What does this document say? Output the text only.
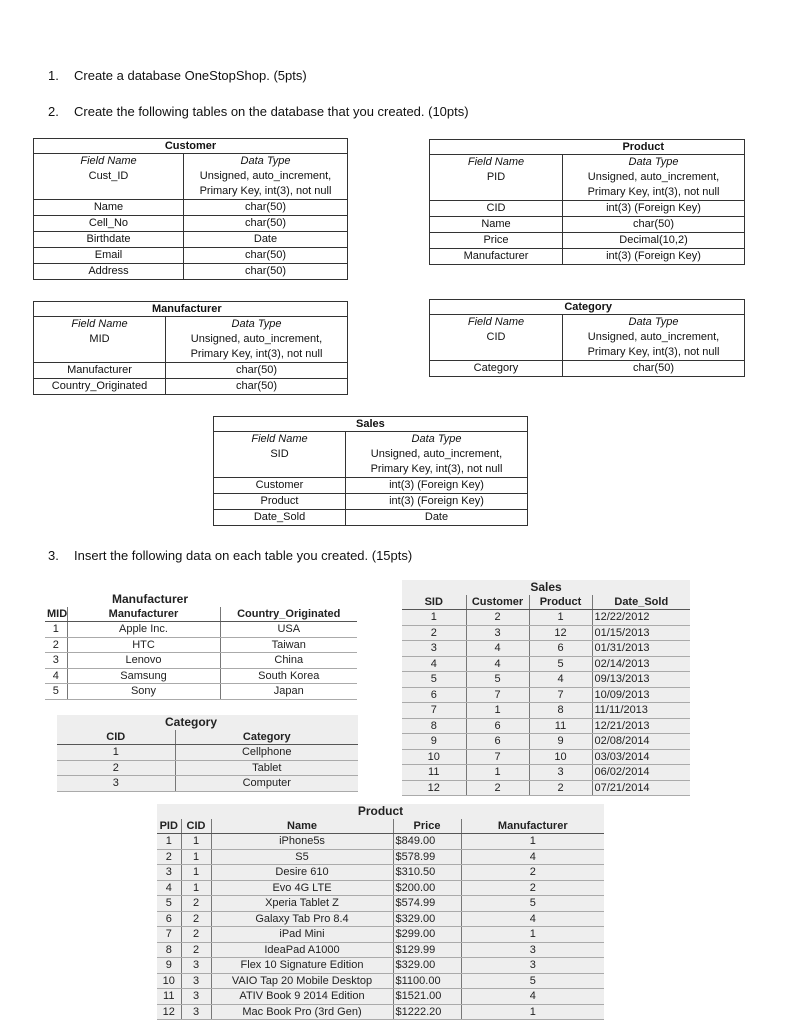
1. Create a database OneStopShop. (5pts)
2. Create the following tables on the database that you created. (10pts)
3. Insert the following data on each table you created. (15pts)
Customer	
Field Name	Data Type
Cust_ID	Unsigned, auto_increment,
Primary Key, int(3), not null

Name	char(50)
Cell_No	char(50)
Birthdate	Date
Email	char(50)
Address	char(50)
Product	
Field Name	Data Type
PID	Unsigned, auto_increment,
Primary Key, int(3), not null

CID	int(3) (Foreign Key)
Name	char(50)
Price	Decimal(10,2)
Manufacturer	int(3) (Foreign Key)
Manufacturer	
Field Name	Data Type
MID	Unsigned, auto_increment,
Primary Key, int(3), not null

Manufacturer	char(50)
Country_Originated	char(50)
Category	
Field Name	Data Type
CID	Unsigned, auto_increment,
Primary Key, int(3), not null

Category	char(50)
Sales	
Field Name	Data Type
SID	Unsigned, auto_increment,
Primary Key, int(3), not null

Customer	int(3) (Foreign Key)
Product	int(3) (Foreign Key)
Date_Sold	Date
	Manufacturer	
MID	Manufacturer	Country_Originated
1	Apple Inc.	USA
2	HTC	Taiwan
3	Lenovo	China
4	Samsung	South Korea
5	Sony	Japan
Category	
CID	Category
1	Cellphone
2	Tablet
3	Computer
Sales			
SID	Customer	Product	Date_Sold
1	2	1	12/22/2012
2	3	12	01/15/2013
3	4	6	01/31/2013
4	4	5	02/14/2013
5	5	4	09/13/2013
6	7	7	10/09/2013
7	1	8	11/11/2013
8	6	11	12/21/2013
9	6	9	02/08/2014
10	7	10	03/03/2014
11	1	3	06/02/2014
12	2	2	07/21/2014
Product				
PID	CID	Name	Price	Manufacturer
1	1	iPhone5s	$849.00	1
2	1	S5	$578.99	4
3	1	Desire 610	$310.50	2
4	1	Evo 4G LTE	$200.00	2
5	2	Xperia Tablet Z	$574.99	5
6	2	Galaxy Tab Pro 8.4	$329.00	4
7	2	iPad Mini	$299.00	1
8	2	IdeaPad A1000	$129.99	3
9	3	Flex 10 Signature Edition	$329.00	3
10	3	VAIO Tap 20 Mobile Desktop	$1100.00	5
11	3	ATIV Book 9 2014 Edition	$1521.00	4
12	3	Mac Book Pro (3rd Gen)	$1222.20	1
